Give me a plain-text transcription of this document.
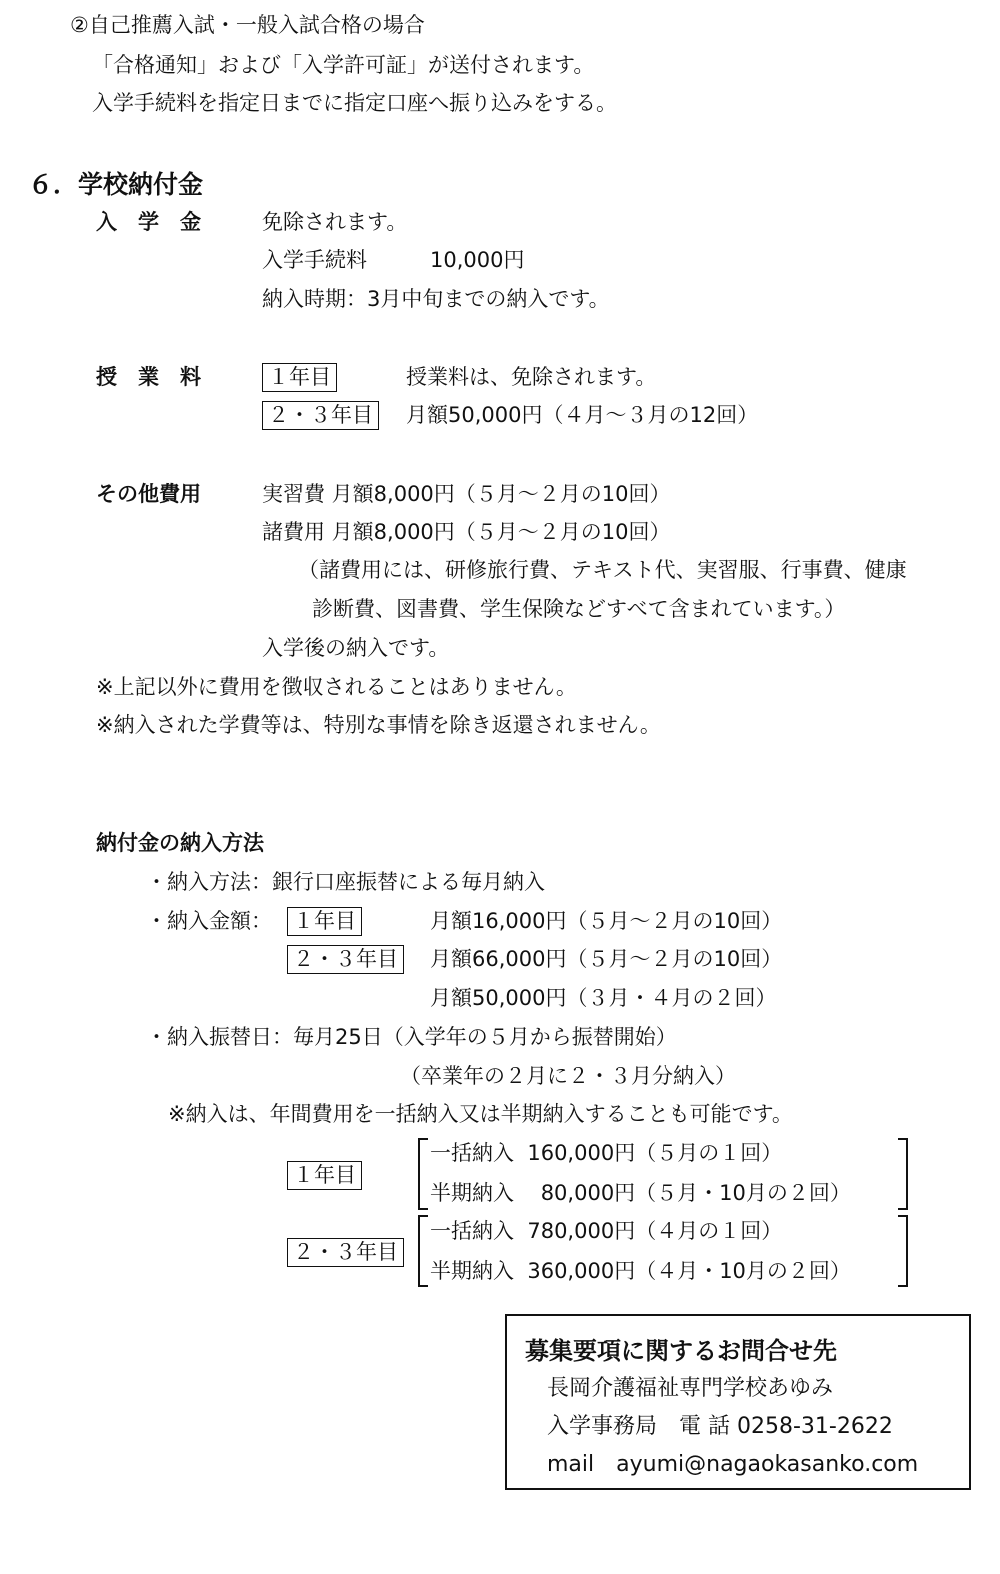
②自己推薦入試・一般入試合格の場合
「合格通知」および「入学許可証」が送付されます。
入学手続料を指定日までに指定口座へ振り込みをする。
６．学校納付金
入　学　金	免除されます。
入学手続料	10,000円
納入時期：3月中旬までの納入です。
授　業　料	１年目	授業料は、免除されます。
２・３年目 月額50,000円（４月～３月の12回）
その他費用	実習費 月額8,000円（５月～２月の10回）
諸費用 月額8,000円（５月～２月の10回）
（諸費用には、研修旅行費、テキスト代、実習服、行事費、健康
診断費、図書費、学生保険などすべて含まれています。）
入学後の納入です。
※上記以外に費用を徴収されることはありません。
※納入された学費等は、特別な事情を除き返還されません。
納付金の納入方法
・納入方法：銀行口座振替による毎月納入
・納入金額： １年目	月額16,000円（５月～２月の10回）
２・３年目 月額66,000円（５月～２月の10回）
月額50,000円（３月・４月の２回）
・納入振替日：毎月25日（入学年の５月から振替開始）
（卒業年の２月に２・３月分納入）
※納入は、年間費用を一括納入又は半期納入することも可能です。
１年目
一括納入  160,000円（５月の１回）
半期納入    80,000円（５月・10月の２回）
２・３年目
一括納入  780,000円（４月の１回）
半期納入  360,000円（４月・10月の２回）
募集要項に関するお問合せ先
長岡介護福祉専門学校あゆみ
入学事務局　電 話 0258-31-2622
mail　ayumi@nagaokasanko.com
